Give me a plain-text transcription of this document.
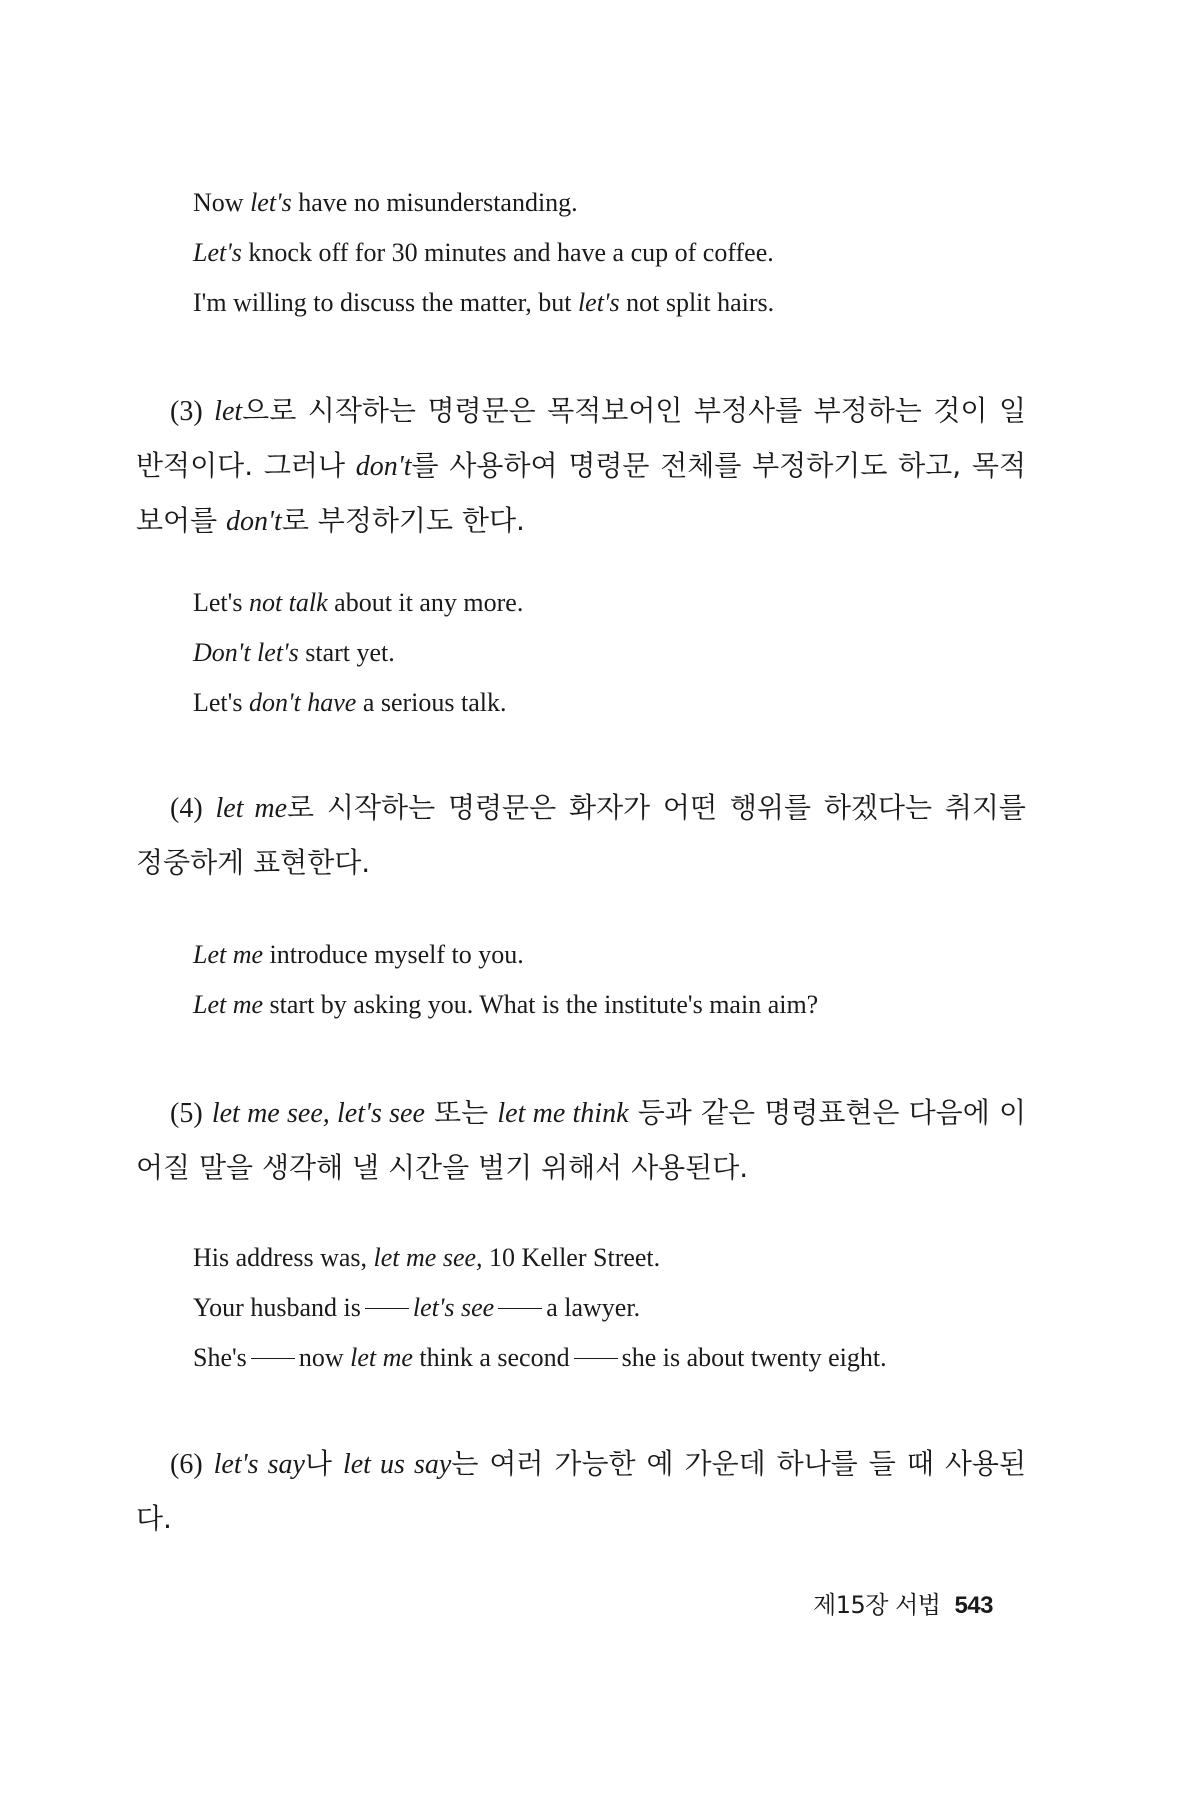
Now let's have no misunderstanding.

Let's knock off for 30 minutes and have a cup of coffee.

I'm willing to discuss the matter, but let's not split hairs.

(3) let으로 시작하는 명령문은 목적보어인 부정사를 부정하는 것이 일반적이다. 그러나 don't를 사용하여 명령문 전체를 부정하기도 하고, 목적보어를 don't로 부정하기도 한다.

Let's not talk about it any more.

Don't let's start yet.

Let's don't have a serious talk.

(4) let me로 시작하는 명령문은 화자가 어떤 행위를 하겠다는 취지를 정중하게 표현한다.

Let me introduce myself to you.

Let me start by asking you. What is the institute's main aim?

(5) let me see, let's see 또는 let me think 등과 같은 명령표현은 다음에 이어질 말을 생각해 낼 시간을 벌기 위해서 사용된다.

His address was, let me see, 10 Keller Street.

Your husband is let's see a lawyer.

She's now let me think a second she is about twenty eight.

(6) let's say나 let us say는 여러 가능한 예 가운데 하나를 들 때 사용된다.
제15장 서법 543
